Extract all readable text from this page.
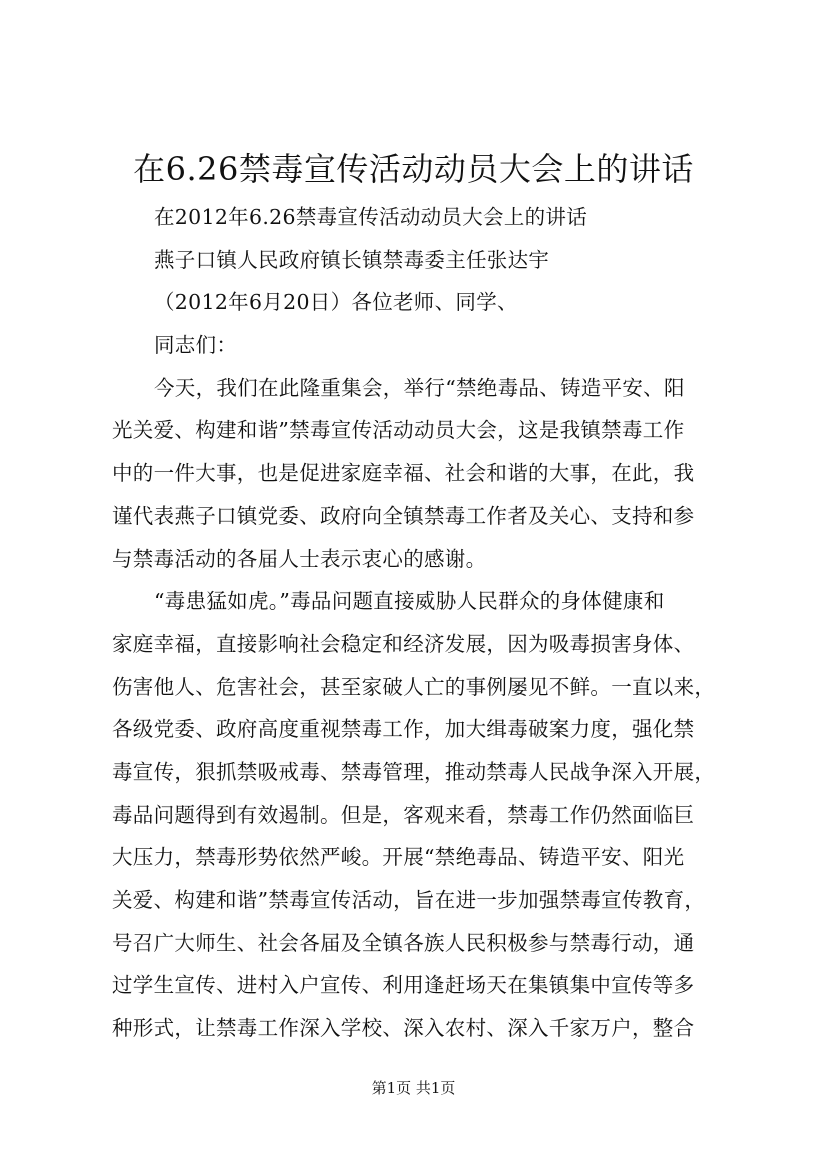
在6.26禁毒宣传活动动员大会上的讲话
在2012年6.26禁毒宣传活动动员大会上的讲话
燕子口镇人民政府镇长镇禁毒委主任张达宇
（2012年6月20日）各位老师、同学、
同志们：
今天，我们在此隆重集会，举行“禁绝毒品、铸造平安、阳
光关爱、构建和谐”禁毒宣传活动动员大会，这是我镇禁毒工作
中的一件大事，也是促进家庭幸福、社会和谐的大事，在此，我
谨代表燕子口镇党委、政府向全镇禁毒工作者及关心、支持和参
与禁毒活动的各届人士表示衷心的感谢。
“毒患猛如虎。”毒品问题直接威胁人民群众的身体健康和
家庭幸福，直接影响社会稳定和经济发展，因为吸毒损害身体、
伤害他人、危害社会，甚至家破人亡的事例屡见不鲜。一直以来，
各级党委、政府高度重视禁毒工作，加大缉毒破案力度，强化禁
毒宣传，狠抓禁吸戒毒、禁毒管理，推动禁毒人民战争深入开展，
毒品问题得到有效遏制。但是，客观来看，禁毒工作仍然面临巨
大压力，禁毒形势依然严峻。开展“禁绝毒品、铸造平安、阳光
关爱、构建和谐”禁毒宣传活动，旨在进一步加强禁毒宣传教育，
号召广大师生、社会各届及全镇各族人民积极参与禁毒行动，通
过学生宣传、进村入户宣传、利用逢赶场天在集镇集中宣传等多
种形式，让禁毒工作深入学校、深入农村、深入千家万户，整合
第1页 共1页
